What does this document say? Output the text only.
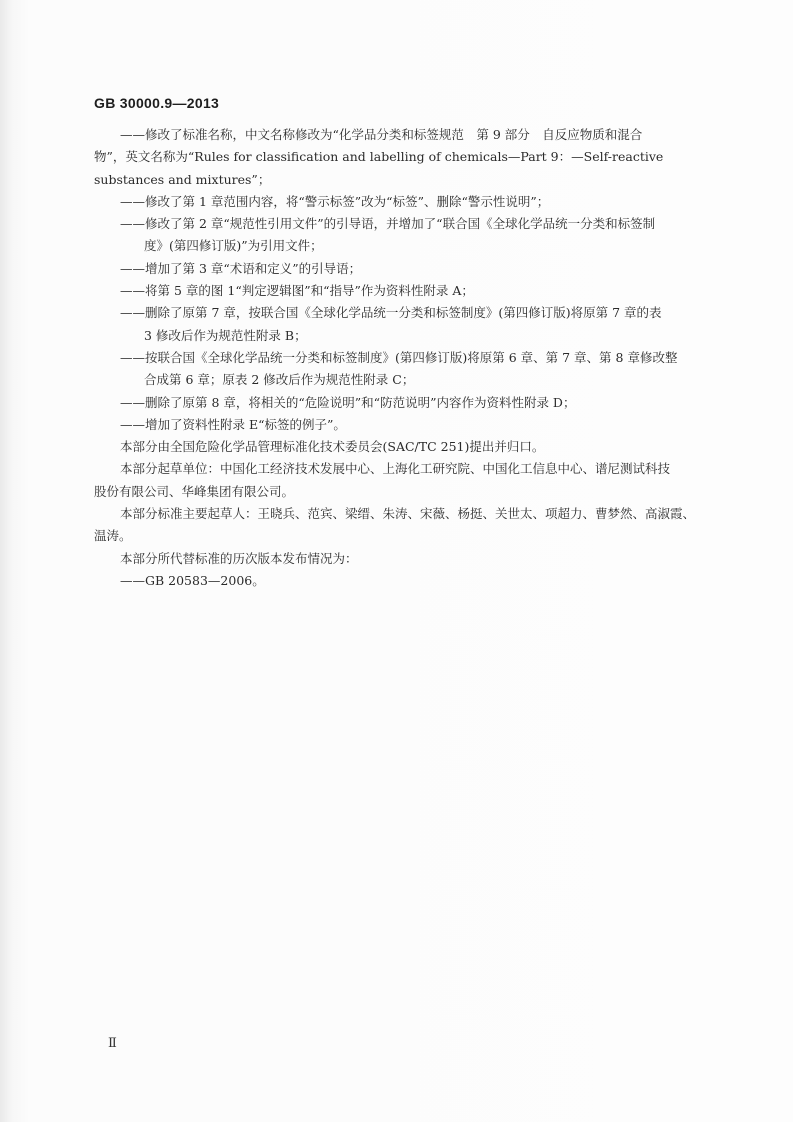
GB 30000.9—2013
——修改了标准名称，中文名称修改为“化学品分类和标签规范　第 9 部分　自反应物质和混合
物”，英文名称为“Rules for classification and labelling of chemicals—Part 9：—Self-reactive
substances and mixtures”；
——修改了第 1 章范围内容，将“警示标签”改为“标签”、删除“警示性说明”；
——修改了第 2 章“规范性引用文件”的引导语，并增加了“联合国《全球化学品统一分类和标签制
度》(第四修订版)”为引用文件；
——增加了第 3 章“术语和定义”的引导语；
——将第 5 章的图 1“判定逻辑图”和“指导”作为资料性附录 A；
——删除了原第 7 章，按联合国《全球化学品统一分类和标签制度》(第四修订版)将原第 7 章的表
3 修改后作为规范性附录 B；
——按联合国《全球化学品统一分类和标签制度》(第四修订版)将原第 6 章、第 7 章、第 8 章修改整
合成第 6 章；原表 2 修改后作为规范性附录 C；
——删除了原第 8 章，将相关的“危险说明”和“防范说明”内容作为资料性附录 D；
——增加了资料性附录 E“标签的例子”。
本部分由全国危险化学品管理标准化技术委员会(SAC/TC 251)提出并归口。
本部分起草单位：中国化工经济技术发展中心、上海化工研究院、中国化工信息中心、谱尼测试科技
股份有限公司、华峰集团有限公司。
本部分标准主要起草人：王晓兵、范宾、梁缙、朱涛、宋薇、杨挺、关世太、项超力、曹梦然、高淑霞、
温涛。
本部分所代替标准的历次版本发布情况为：
——GB 20583—2006。
Ⅱ
